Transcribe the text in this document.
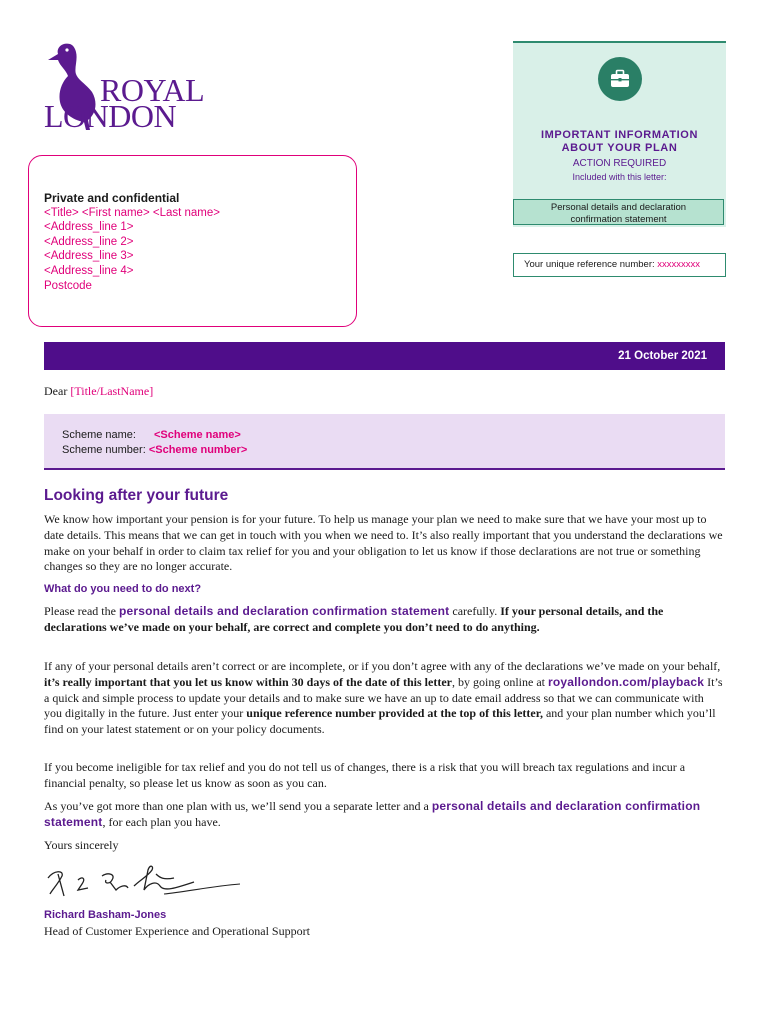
ROYAL
LONDON
IMPORTANT INFORMATION
ABOUT YOUR PLAN
ACTION REQUIRED
Included with this letter:
Personal details and declaration
confirmation statement
Your unique reference number: xxxxxxxxx
Private and confidential
<Title> <First name> <Last name>
<Address_line 1>
<Address_line 2>
<Address_line 3>
<Address_line 4>
Postcode
21 October 2021
Dear [Title/LastName]
Scheme name: <Scheme name>
Scheme number: <Scheme number>
Looking after your future
We know how important your pension is for your future. To help us manage your plan we need to make sure that we have your most up to date details. This means that we can get in touch with you when we need to. It’s also really important that you understand the declarations we make on your behalf in order to claim tax relief for you and your obligation to let us know if those declarations are not true or something changes so they are no longer accurate.
What do you need to do next?
Please read the personal details and declaration confirmation statement carefully. If your personal details, and the declarations we’ve made on your behalf, are correct and complete you don’t need to do anything.
If any of your personal details aren’t correct or are incomplete, or if you don’t agree with any of the declarations we’ve made on your behalf, it’s really important that you let us know within 30 days of the date of this letter, by going online at royallondon.com/playback It’s a quick and simple process to update your details and to make sure we have an up to date email address so that we can communicate with you digitally in the future. Just enter your unique reference number provided at the top of this letter, and your plan number which you’ll find on your latest statement or on your policy documents.
If you become ineligible for tax relief and you do not tell us of changes, there is a risk that you will breach tax regulations and incur a financial penalty, so please let us know as soon as you can.
As you’ve got more than one plan with us, we’ll send you a separate letter and a personal details and declaration confirmation statement, for each plan you have.
Yours sincerely
Richard Basham-Jones
Head of Customer Experience and Operational Support
